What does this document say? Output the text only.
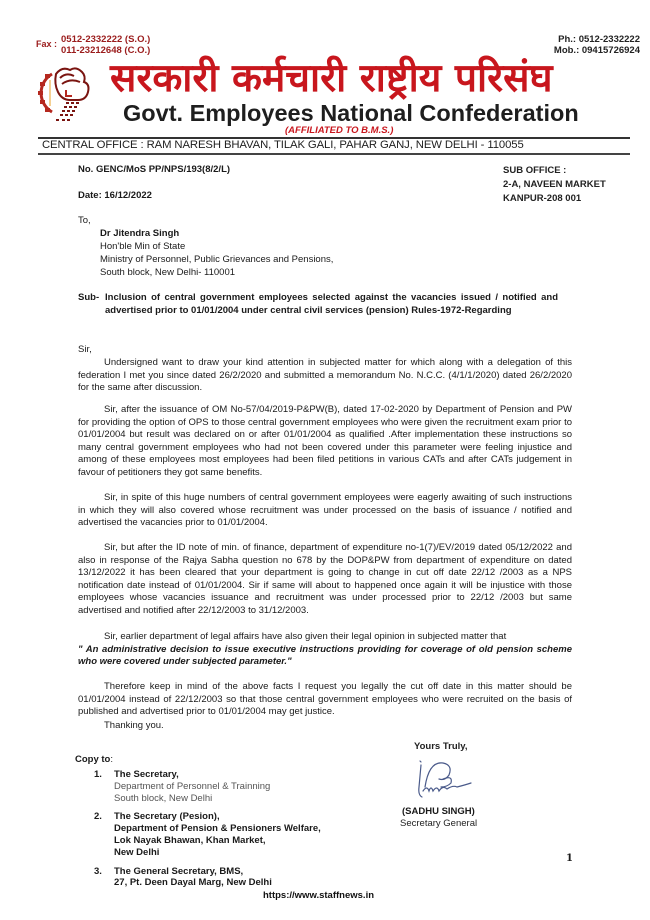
Fax : 0512-2332222 (S.O.)
011-23212648 (C.O.)
Ph.: 0512-2332222
Mob.: 09415726924
सरकारी कर्मचारी राष्ट्रीय परिसंघ
Govt. Employees National Confederation
(AFFILIATED TO B.M.S.)
CENTRAL OFFICE : RAM NARESH BHAVAN, TILAK GALI, PAHAR GANJ, NEW DELHI - 110055
No. GENC/MoS PP/NPS/193(8/2/L)
Date: 16/12/2022
SUB OFFICE :
2-A, NAVEEN MARKET
KANPUR-208 001
To,
Dr Jitendra Singh
Hon'ble Min of State
Ministry of Personnel, Public Grievances and Pensions,
South block, New Delhi- 110001
Sub- Inclusion of central government employees selected against the vacancies issued / notified and advertised prior to 01/01/2004 under central civil services (pension) Rules-1972-Regarding
Sir,

Undersigned want to draw your kind attention in subjected matter for which along with a delegation of this federation I met you since dated 26/2/2020 and submitted a memorandum No. N.C.C. (4/1/1/2020) dated 26/2/2020 for the same after discussion.

Sir, after the issuance of OM No-57/04/2019-P&PW(B), dated 17-02-2020 by Department of Pension and PW for providing the option of OPS to those central government employees who were given the recruitment exam prior to 01/01/2004 but result was declared on or after 01/01/2004 as qualified .After implementation these instructions so many central government employees who had not been covered under this parameter were feeling injustice and among of these employees most employees had been filed petitions in various CATs and after CATs judgement in favour of petitioners they got same benefits.

Sir, in spite of this huge numbers of central government employees were eagerly awaiting of such instructions in which they will also covered whose recruitment was under processed on the basis of issuance / notified and advertised the vacancies prior to 01/01/2004.

Sir, but after the ID note of min. of finance, department of expenditure no-1(7)/EV/2019 dated 05/12/2022 and also in response of the Rajya Sabha question no 678 by the DOP&PW from department of expenditure on dated 13/12/2022 it has been cleared that your department is going to change in cut off date 22/12 /2003 as a NPS notification date instead of 01/01/2004. Sir if same will about to happened once again it will be injustice with those employees whose vacancies issuance and recruitment was under processed prior to 22/12 /2003 but same advertised and notified after 22/12/2003 to 31/12/2003.

Sir, earlier department of legal affairs have also given their legal opinion in subjected matter that

" An administrative decision to issue executive instructions providing for coverage of old pension scheme who were covered under subjected parameter."

Therefore keep in mind of the above facts I request you legally the cut off date in this matter should be 01/01/2004 instead of 22/12/2003 so that those central government employees who were recruited on the basis of published and advertised prior to 01/01/2004 may get justice.

Thanking you.
Yours Truly,
(SADHU SINGH)
Secretary General
Copy to:
1.	The Secretary,
Department of Personnel & Trainning
South block, New Delhi
2.	The Secretary (Pesion),
Department of Pension & Pensioners Welfare,
Lok Nayak Bhawan, Khan Market,
New Delhi
3.	The General Secretary, BMS,
27, Pt. Deen Dayal Marg, New Delhi
1
https://www.staffnews.in
